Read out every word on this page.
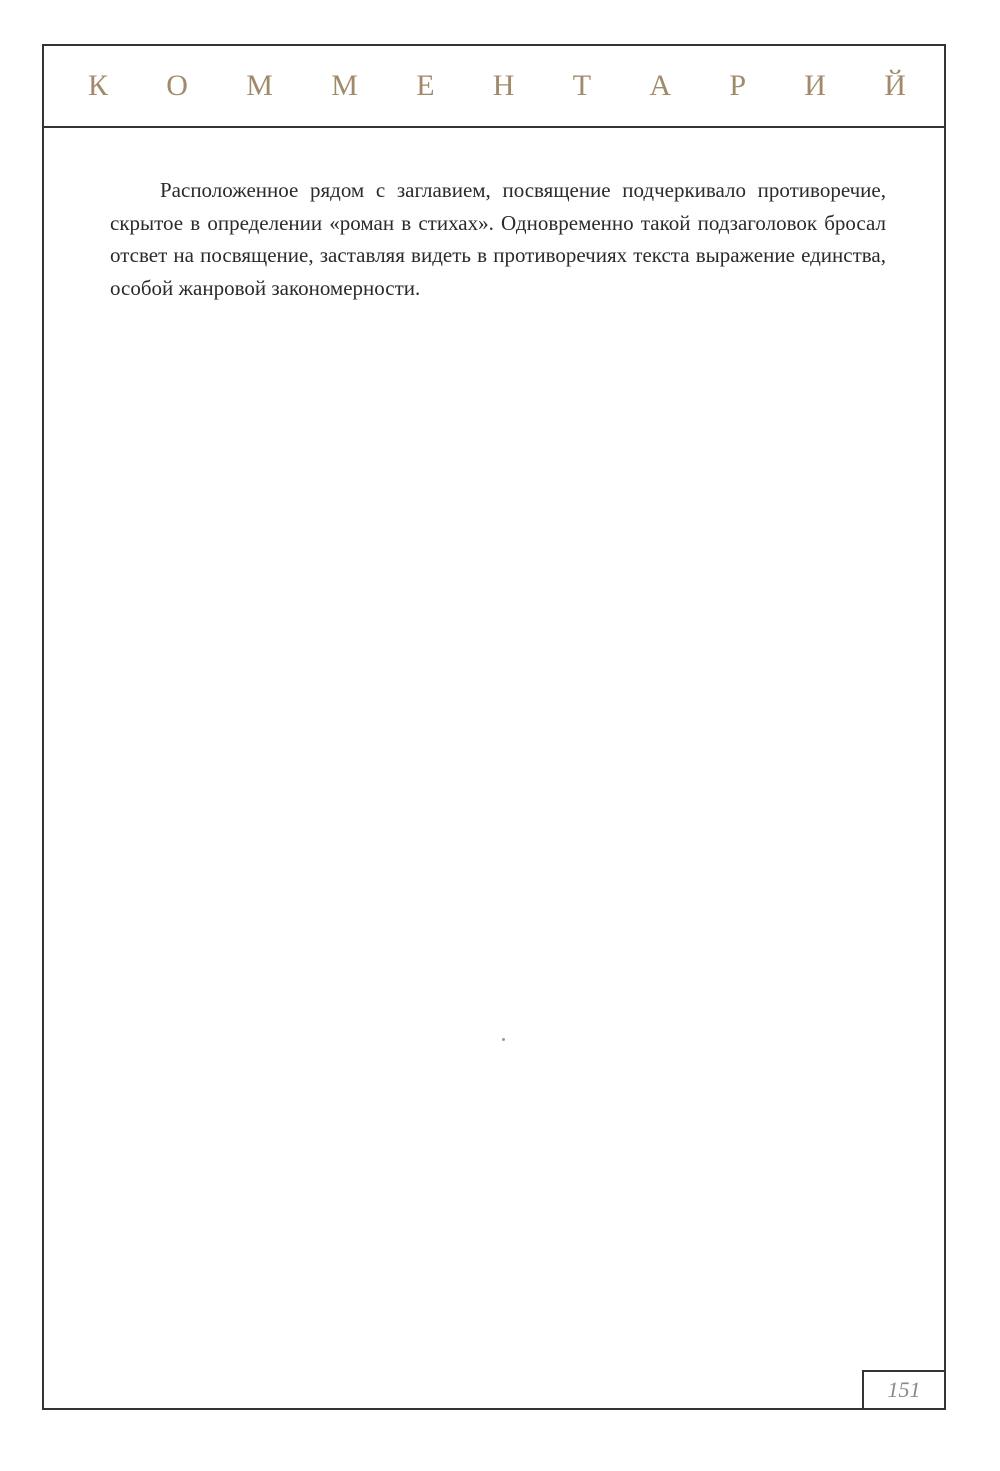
К О М М Е Н Т А Р И Й

Расположенное рядом с заглавием, посвящение подчеркивало противоречие, скрытое в определении «роман в стихах». Одновременно такой подзаголовок бросал отсвет на посвящение, заставляя видеть в противоречиях текста выражение единства, особой жанровой закономерности.

151
